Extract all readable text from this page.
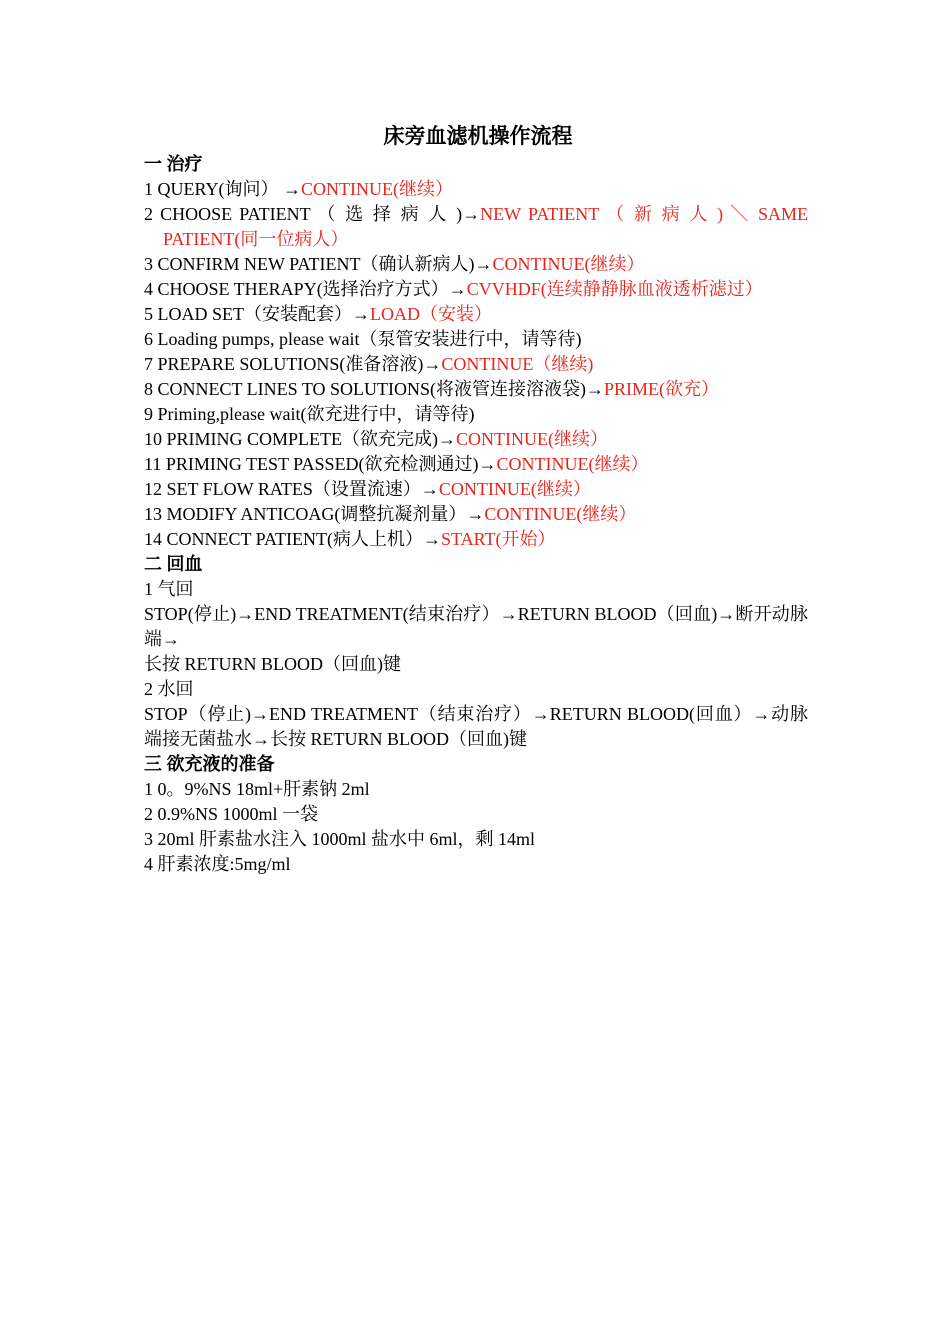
床旁血滤机操作流程
一 治疗
1 QUERY(询问） →CONTINUE(继续）
2 CHOOSE PATIENT （ 选 择 病 人 )→NEW PATIENT （ 新 病 人 ) ＼ SAME PATIENT(同一位病人）
3 CONFIRM NEW PATIENT（确认新病人)→CONTINUE(继续）
4 CHOOSE THERAPY(选择治疗方式）→CVVHDF(连续静静脉血液透析滤过）
5 LOAD SET（安装配套）→LOAD（安装）
6 Loading pumps, please wait（泵管安装进行中，请等待)
7 PREPARE SOLUTIONS(准备溶液)→CONTINUE（继续)
8 CONNECT LINES TO SOLUTIONS(将液管连接溶液袋)→PRIME(欲充）
9 Priming,please wait(欲充进行中，请等待)
10 PRIMING COMPLETE（欲充完成)→CONTINUE(继续）
11 PRIMING TEST PASSED(欲充检测通过)→CONTINUE(继续）
12 SET FLOW RATES（设置流速）→CONTINUE(继续）
13 MODIFY ANTICOAG(调整抗凝剂量）→CONTINUE(继续）
14 CONNECT PATIENT(病人上机）→START(开始）
二 回血
1 气回
STOP(停止)→END TREATMENT(结束治疗）→RETURN BLOOD（回血)→断开动脉端→
长按 RETURN BLOOD（回血)键
2 水回
STOP（停止)→END TREATMENT（结束治疗）→RETURN BLOOD(回血）→动脉端接无菌盐水→长按 RETURN BLOOD（回血)键
三 欲充液的准备
1 0。9%NS 18ml+肝素钠 2ml
2 0.9%NS 1000ml 一袋
3 20ml 肝素盐水注入 1000ml 盐水中 6ml，剩 14ml
4 肝素浓度:5mg/ml
